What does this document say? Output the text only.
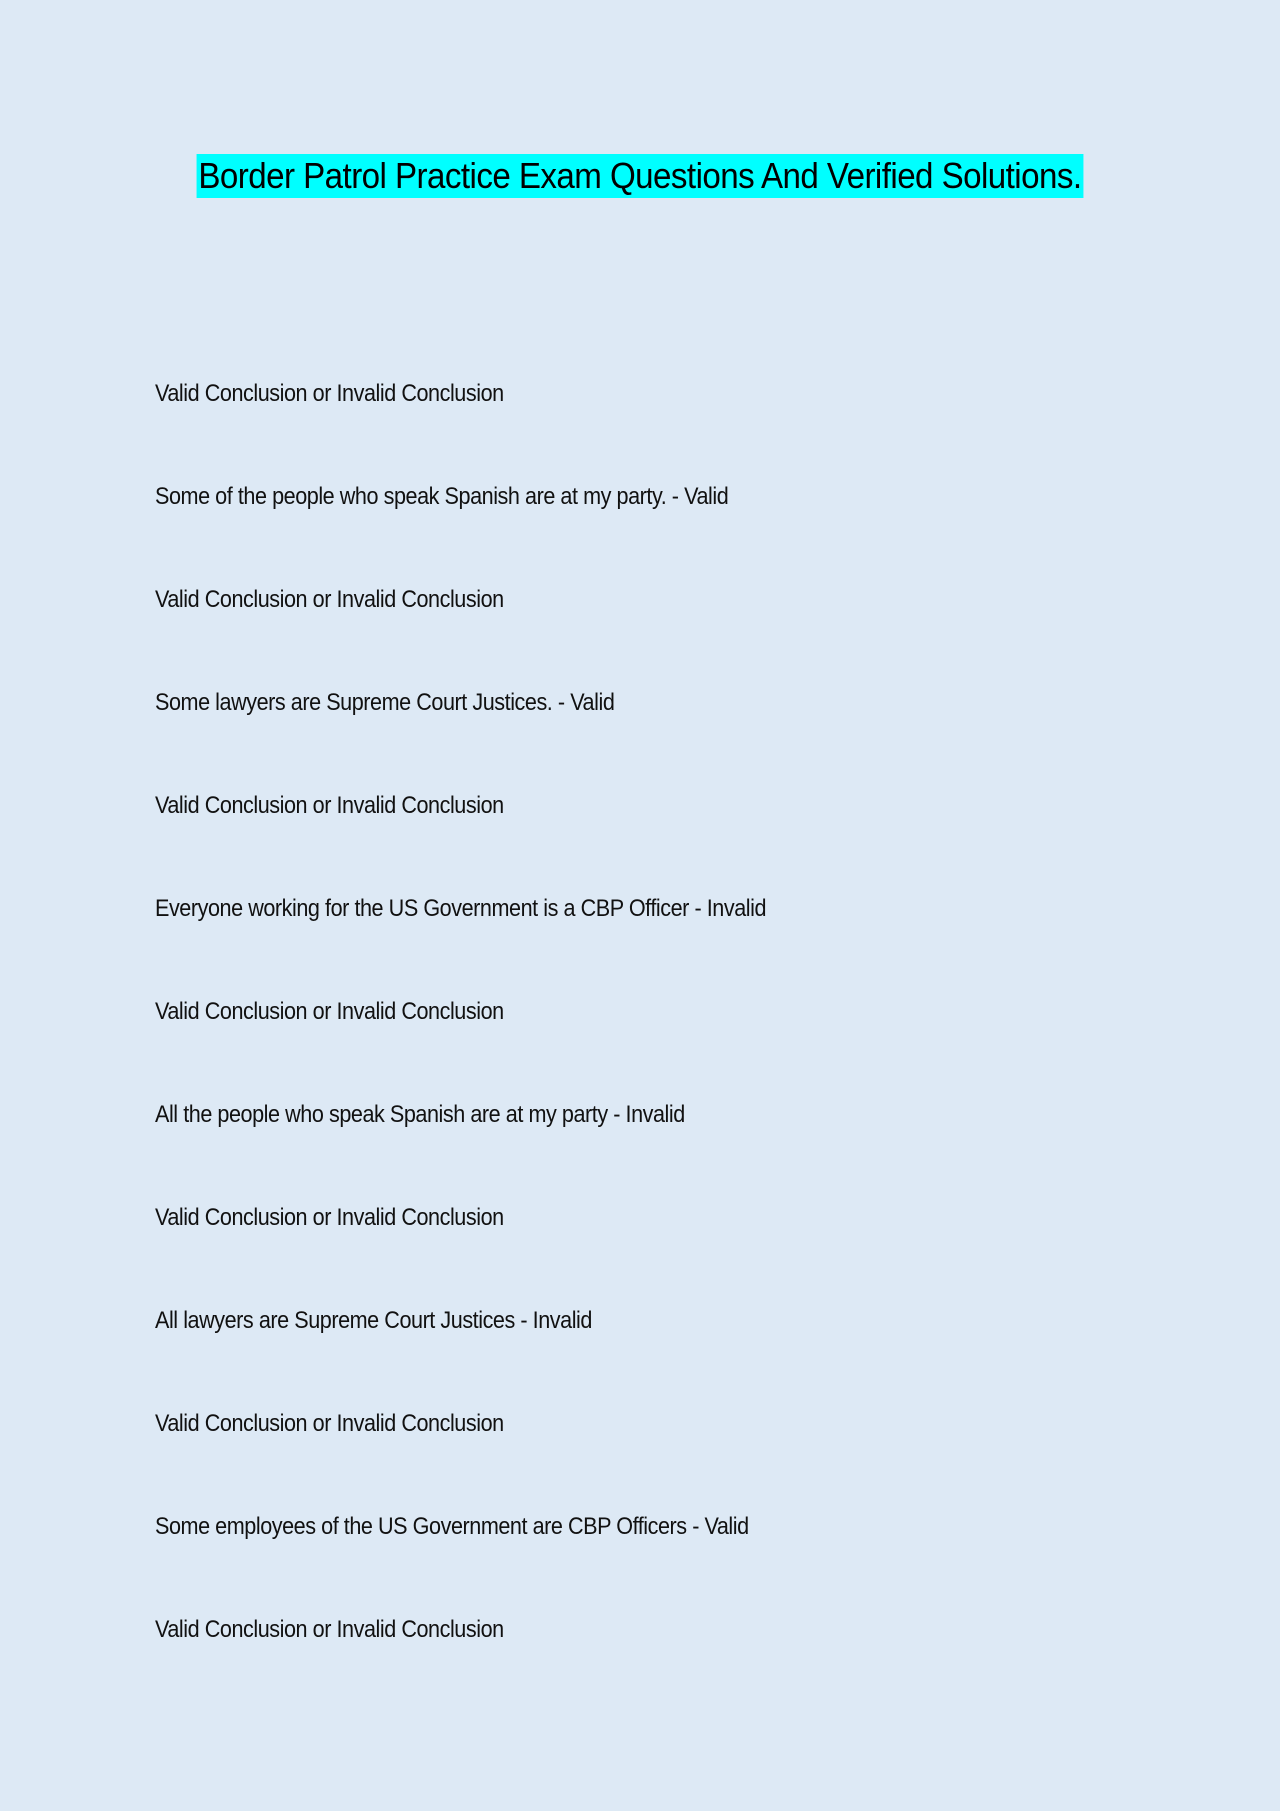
Border Patrol Practice Exam Questions And Verified Solutions.
Valid Conclusion or Invalid Conclusion
Some of the people who speak Spanish are at my party. - Valid
Valid Conclusion or Invalid Conclusion
Some lawyers are Supreme Court Justices. - Valid
Valid Conclusion or Invalid Conclusion
Everyone working for the US Government is a CBP Officer - Invalid
Valid Conclusion or Invalid Conclusion
All the people who speak Spanish are at my party - Invalid
Valid Conclusion or Invalid Conclusion
All lawyers are Supreme Court Justices - Invalid
Valid Conclusion or Invalid Conclusion
Some employees of the US Government are CBP Officers - Valid
Valid Conclusion or Invalid Conclusion
